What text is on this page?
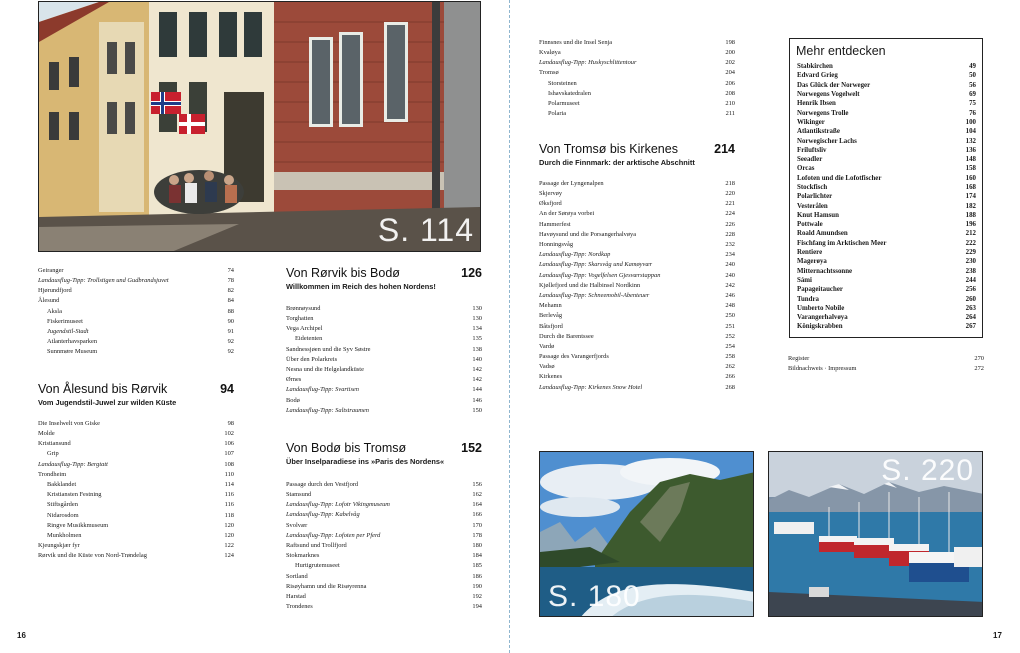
S. 114
Geiranger	74
Landausflug-Tipp: Trollstigen und Gudbrandsjuvet	78
Hjørundfjord	82
Ålesund	84
Aksla	88
Fiskerimuseet	90
Jugendstil-Stadt	91
Atlanterhavsparken	92
Sunnmøre Museum	92
Von Ålesund bis Rørvik	94
Vom Jugendstil-Juwel zur wilden Küste
Die Inselwelt von Giske	98
Molde	102
Kristiansund	106
Grip	107
Landausflug-Tipp: Bergtatt	108
Trondheim	110
Bakklandet	114
Kristiansten Festning	116
Stiftsgården	116
Nidarosdom	118
Ringve Musikkmuseum	120
Munkholmen	120
Kjeungskjær fyr	122
Rørvik und die Küste von Nord-Trøndelag	124
Von Rørvik bis Bodø	126
Willkommen im Reich des hohen Nordens!
Brønnøysund	130
Torghatten	130
Vega Archipel	134
Eidetenten	135
Sandnessjøen und die Syv Søstre	138
Über den Polarkreis	140
Nesna und die Helgelandküste	142
Ørnes	142
Landausflug-Tipp: Svartisen	144
Bodø	146
Landausflug-Tipp: Saltstraumen	150
Von Bodø bis Tromsø	152
Über Inselparadiese ins »Paris des Nordens«
Passage durch den Vestfjord	156
Stamsund	162
Landausflug-Tipp: Lofotr Vikingmuseum	164
Landausflug-Tipp: Kabelvåg	166
Svolvær	170
Landausflug-Tipp: Lofoten per Pferd	178
Raftsund und Trollfjord	180
Stokmarknes	184
Hurtigrutemuseet	185
Sortland	186
Risøyhamn und die Risøyrenna	190
Harstad	192
Trondenes	194
16
Finnsnes und die Insel Senja	198
Kvaløya	200
Landausflug-Tipp: Huskyschlittentour	202
Tromsø	204
Storsteinen	206
Ishavskatedralen	208
Polarmuseet	210
Polaria	211
Von Tromsø bis Kirkenes	214
Durch die Finnmark: der arktische Abschnitt
Passage der Lyngenalpen	218
Skjervøy	220
Øksfjord	221
An der Sørøya vorbei	224
Hammerfest	226
Havøysund und die Porsangerhalvøya	228
Honningsvåg	232
Landausflug-Tipp: Nordkap	234
Landausflug-Tipp: Skarsvåg und Kamøyvær	240
Landausflug-Tipp: Vogelfelsen Gjesværstappan	240
Kjøllefjord und die Halbinsel Nordkinn	242
Landausflug-Tipp: Schneemobil-Abenteuer	246
Mehamn	248
Berlevåg	250
Båtsfjord	251
Durch die Barentssee	252
Vardø	254
Passage des Varangerfjords	258
Vadsø	262
Kirkenes	266
Landausflug-Tipp: Kirkenes Snow Hotel	268
Mehr entdecken
Stabkirchen	49
Edvard Grieg	50
Das Glück der Norweger	56
Norwegens Vogelwelt	69
Henrik Ibsen	75
Norwegens Trolle	76
Wikinger	100
Atlantikstraße	104
Norwegischer Lachs	132
Friluftsliv	136
Seeadler	148
Orcas	158
Lofoten und die Lofotfischer	160
Stockfisch	168
Polarlichter	174
Vesterålen	182
Knut Hamsun	188
Pottwale	196
Roald Amundsen	212
Fischfang im Arktischen Meer	222
Rentiere	229
Magerøya	230
Mitternachtssonne	238
Sámi	244
Papageitaucher	256
Tundra	260
Umberto Nobile	263
Varangerhalvøya	264
Königskrabben	267
Register	270
Bildnachweis · Impressum	272
S. 180
S. 220
17
